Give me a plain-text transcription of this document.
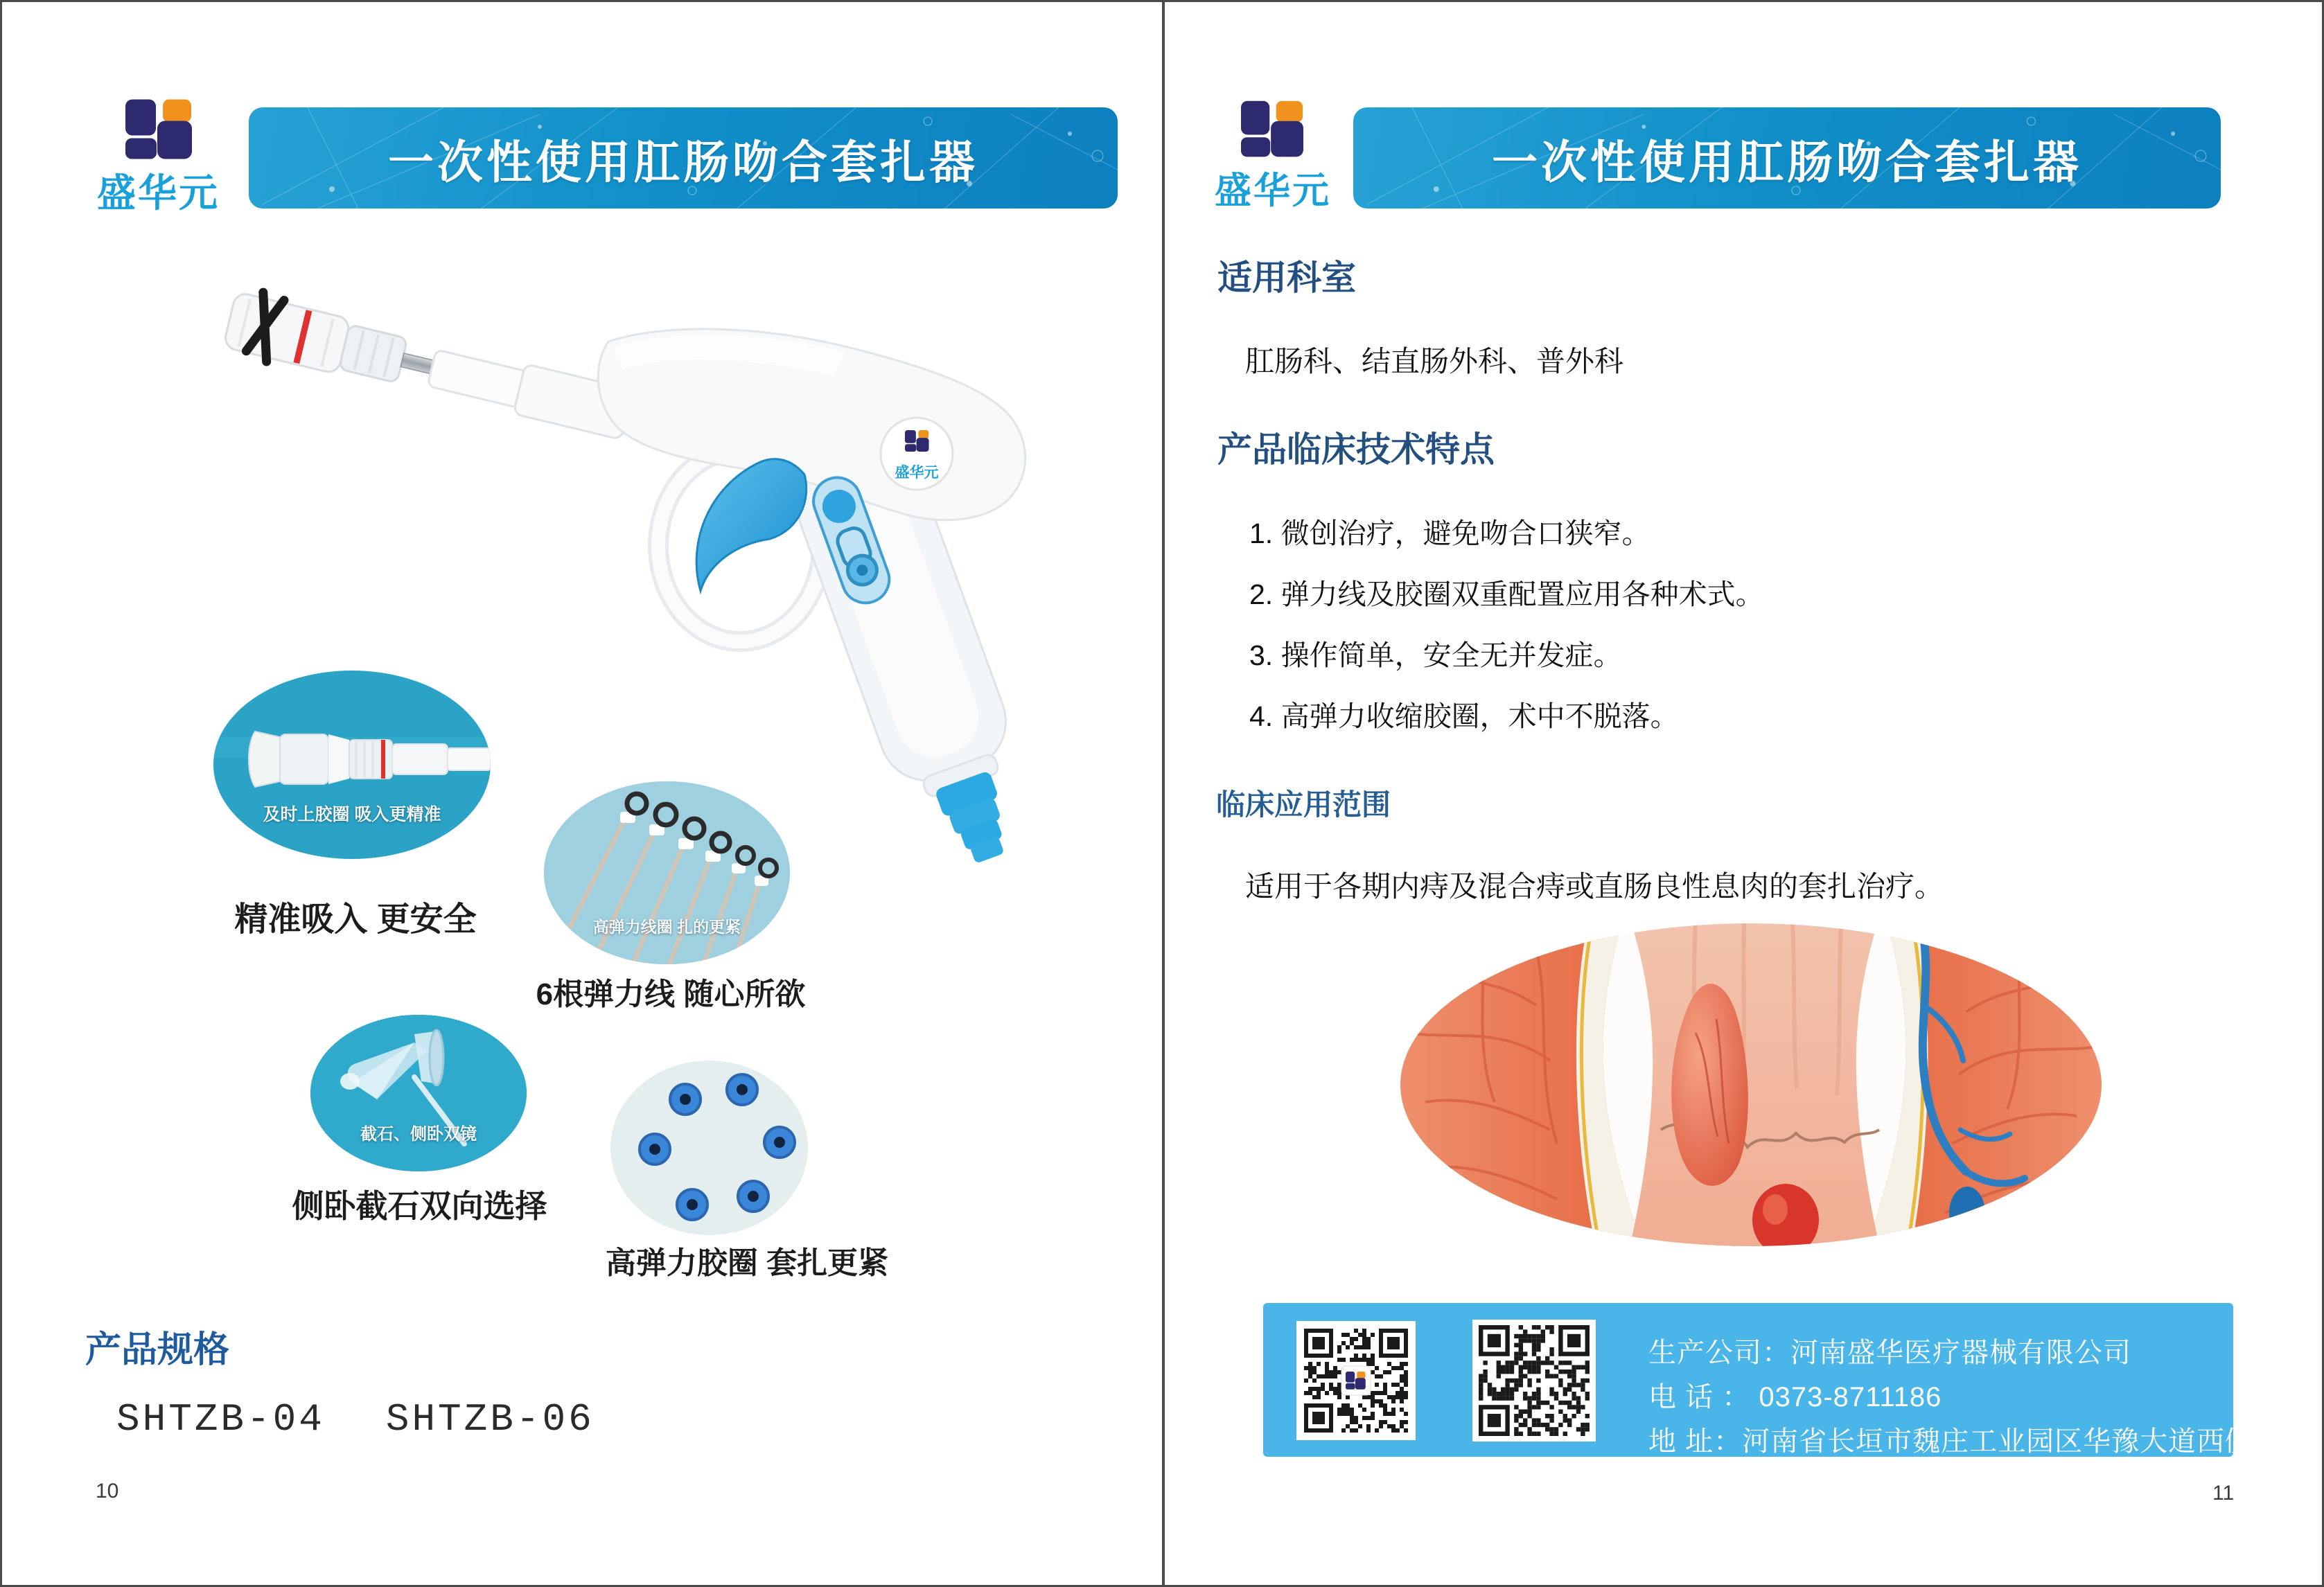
盛华元
一次性使用肛肠吻合套扎器
盛华元
及时上胶圈 吸入更精准
精准吸入 更安全	高弹力线圈 扎的更紧
6根弹力线 随心所欲
截石、侧卧双镜
侧卧截石双向选择
高弹力胶圈 套扎更紧
产品规格
SHTZB-04 SHTZB-06
10
盛华元
一次性使用肛肠吻合套扎器
适用科室
肛肠科、结直肠外科、普外科
产品临床技术特点
1. 微创治疗，避免吻合口狭窄。
2. 弹力线及胶圈双重配置应用各种术式。
3. 操作简单，安全无并发症。
4. 高弹力收缩胶圈，术中不脱落。
临床应用范围
适用于各期内痔及混合痔或直肠良性息肉的套扎治疗。
生产公司：河南盛华医疗器械有限公司
电 话 ： 0373-8711186
地 址：河南省长垣市魏庄工业园区华豫大道西侧
11
